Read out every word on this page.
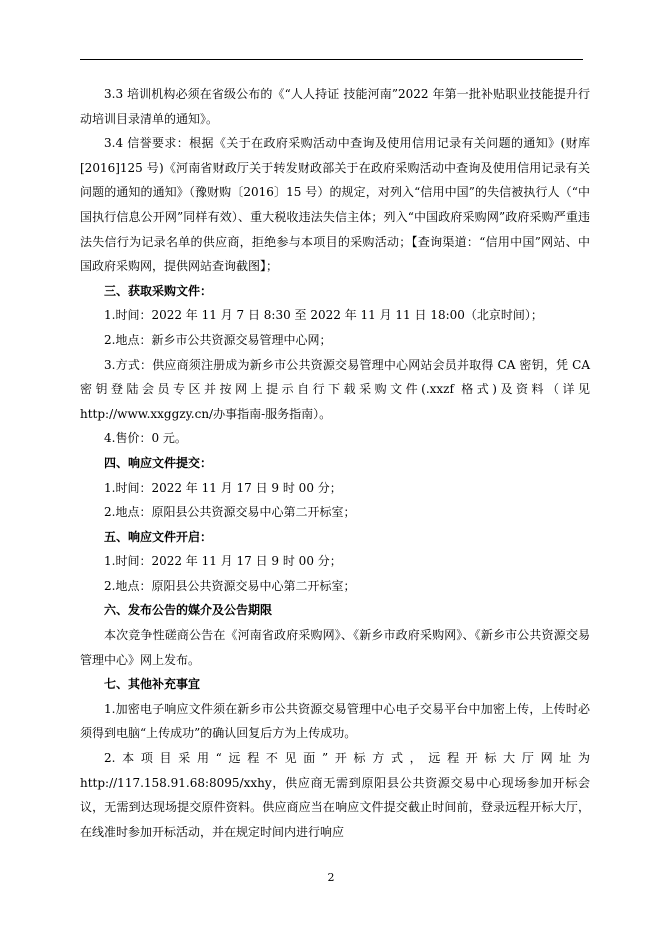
3.3 培训机构必须在省级公布的《“人人持证 技能河南”2022 年第一批补贴职业技能提升行动培训目录清单的通知》。

3.4 信誉要求：根据《关于在政府采购活动中查询及使用信用记录有关问题的通知》(财库[2016]125 号)《河南省财政厅关于转发财政部关于在政府采购活动中查询及使用信用记录有关问题的通知的通知》（豫财购〔2016〕15 号）的规定，对列入“信用中国”的失信被执行人（“中国执行信息公开网”同样有效）、重大税收违法失信主体；列入“中国政府采购网”政府采购严重违法失信行为记录名单的供应商，拒绝参与本项目的采购活动；【查询渠道：“信用中国”网站、中国政府采购网，提供网站查询截图】；

三、获取采购文件：

1.时间：2022 年 11 月 7 日 8:30 至 2022 年 11 月 11 日 18:00（北京时间）；

2.地点：新乡市公共资源交易管理中心网；

3.方式：供应商须注册成为新乡市公共资源交易管理中心网站会员并取得 CA 密钥，凭 CA 密钥登陆会员专区并按网上提示自行下载采购文件(.xxzf 格式)及资料（详见 http://www.xxggzy.cn/办事指南-服务指南）。

4.售价：0 元。

四、响应文件提交：

1.时间：2022 年 11 月 17 日 9 时 00 分；

2.地点：原阳县公共资源交易中心第二开标室；

五、响应文件开启：

1.时间：2022 年 11 月 17 日 9 时 00 分；

2.地点：原阳县公共资源交易中心第二开标室；

六、发布公告的媒介及公告期限

本次竞争性磋商公告在《河南省政府采购网》、《新乡市政府采购网》、《新乡市公共资源交易管理中心》网上发布。

七、其他补充事宜

1.加密电子响应文件须在新乡市公共资源交易管理中心电子交易平台中加密上传，上传时必须得到电脑“上传成功”的确认回复后方为上传成功。

2.本项目采用“远程不见面”开标方式，远程开标大厅网址为 http://117.158.91.68:8095/xxhy，供应商无需到原阳县公共资源交易中心现场参加开标会议，无需到达现场提交原件资料。供应商应当在响应文件提交截止时间前，登录远程开标大厅，在线准时参加开标活动，并在规定时间内进行响应

2
